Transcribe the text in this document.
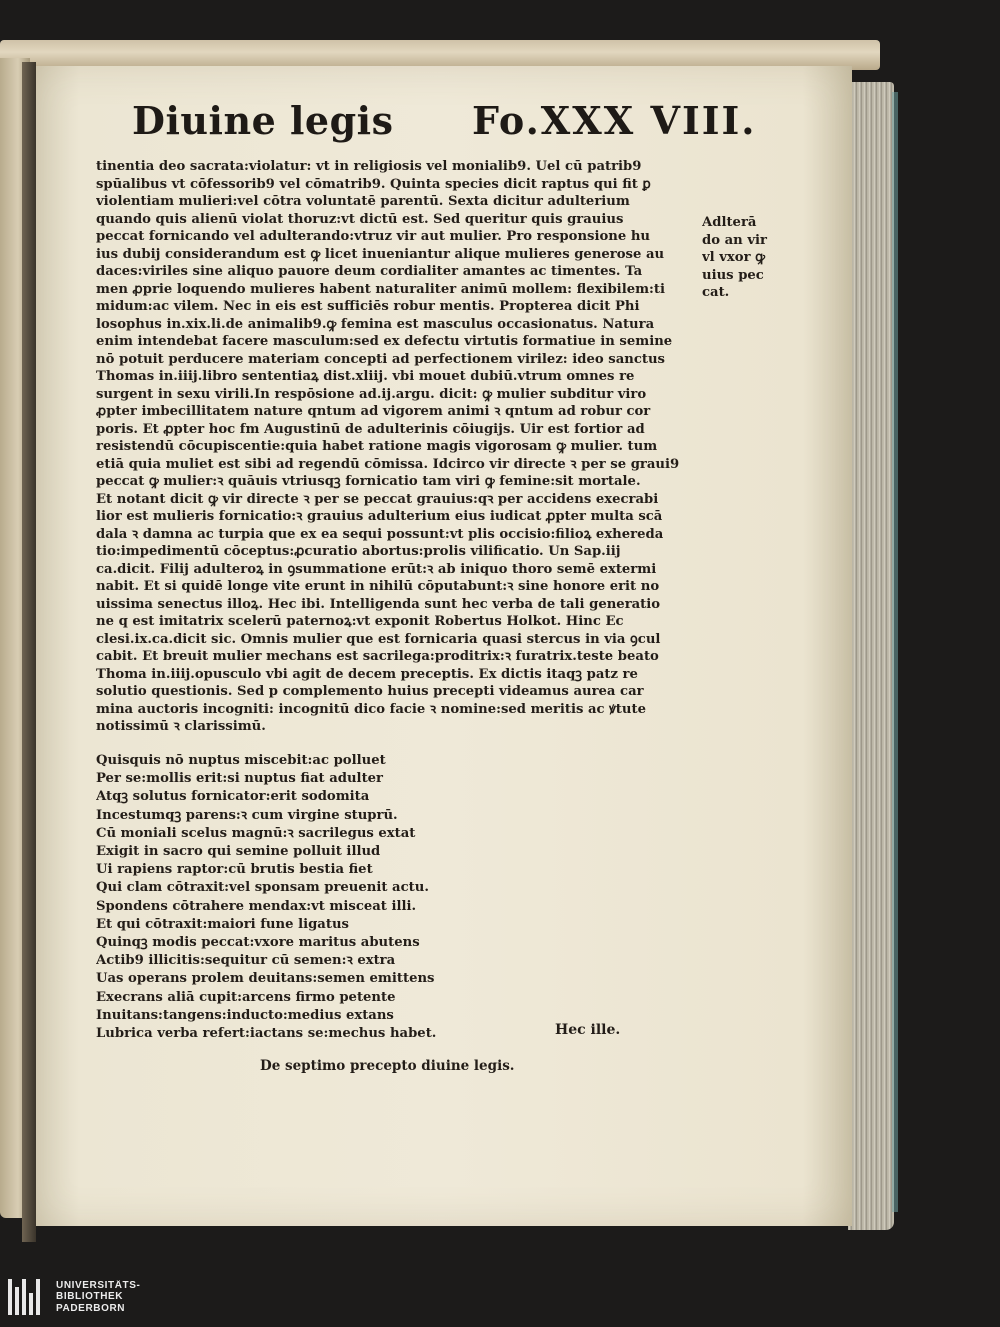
Diuine legis Fo.XXX VIII.
tinentia deo sacrata:violatur: vt in religiosis vel monialib9. Uel cū patrib9
spūalibus vt cōfessorib9 vel cōmatrib9. Quinta species dicit raptus qui fit ꝑ
violentiam mulieri:vel cōtra voluntatē parentū. Sexta dicitur adulterium
quando quis alienū violat thoruz:vt dictū est. Sed queritur quis grauius
peccat fornicando vel adulterando:vtruz vir aut mulier. Pro responsione hu
ius dubij considerandum est ꝙ licet inueniantur alique mulieres generose au
daces:viriles sine aliquo pauore deum cordialiter amantes ac timentes. Ta
men ꝓprie loquendo mulieres habent naturaliter animū mollem: flexibilem:ti
midum:ac vilem. Nec in eis est sufficiēs robur mentis. Propterea dicit Phi
losophus in.xix.li.de animalib9.ꝙ femina est masculus occasionatus. Natura
enim intendebat facere masculum:sed ex defectu virtutis formatiue in semine
nō potuit perducere materiam concepti ad perfectionem virilez: ideo sanctus
Thomas in.iiij.libro sententiaꝝ dist.xliij. vbi mouet dubiū.vtrum omnes re
surgent in sexu virili.In respōsione ad.ij.argu. dicit: ꝙ mulier subditur viro
ꝓpter imbecillitatem nature qntum ad vigorem animi ꝛ qntum ad robur cor
poris. Et ꝓpter hoc fm Augustinū de adulterinis cōiugijs. Uir est fortior ad
resistendū cōcupiscentie:quia habet ratione magis vigorosam ꝙ mulier. tum
etiā quia muliet est sibi ad regendū cōmissa. Idcirco vir directe ꝛ per se graui9
peccat ꝙ mulier:ꝛ quāuis vtriusqꝫ fornicatio tam viri ꝙ femine:sit mortale.
Et notant dicit ꝙ vir directe ꝛ per se peccat grauius:qꝛ per accidens execrabi
lior est mulieris fornicatio:ꝛ grauius adulterium eius iudicat ꝓpter multa scā
dala ꝛ damna ac turpia que ex ea sequi possunt:vt plis occisio:filioꝝ exhereda
tio:impedimentū cōceptus:ꝓcuratio abortus:prolis vilificatio. Un Sap.iij
ca.dicit. Filij adulteroꝝ in ꝯsummatione erūt:ꝛ ab iniquo thoro semē extermi
nabit. Et si quidē longe vite erunt in nihilū cōputabunt:ꝛ sine honore erit no
uissima senectus illoꝝ. Hec ibi. Intelligenda sunt hec verba de tali generatio
ne q est imitatrix scelerū paternoꝝ:vt exponit Robertus Holkot. Hinc Ec
clesi.ix.ca.dicit sic. Omnis mulier que est fornicaria quasi stercus in via ꝯcul
cabit. Et breuit mulier mechans est sacrilega:proditrix:ꝛ furatrix.teste beato
Thoma in.iiij.opusculo vbi agit de decem preceptis. Ex dictis itaqꝫ patz re
solutio questionis. Sed p complemento huius precepti videamus aurea car
mina auctoris incogniti: incognitū dico facie ꝛ nomine:sed meritis ac ꝟtute
notissimū ꝛ clarissimū.
Adlterā
do an vir
vl vxor ꝙ
uius pec
cat.
Quisquis nō nuptus miscebit:ac polluet
Per se:mollis erit:si nuptus fiat adulter
Atqꝫ solutus fornicator:erit sodomita
Incestumqꝫ parens:ꝛ cum virgine stuprū.
Cū moniali scelus magnū:ꝛ sacrilegus extat
Exigit in sacro qui semine polluit illud
Ui rapiens raptor:cū brutis bestia fiet
Qui clam cōtraxit:vel sponsam preuenit actu.
Spondens cōtrahere mendax:vt misceat illi.
Et qui cōtraxit:maiori fune ligatus
Quinqꝫ modis peccat:vxore maritus abutens
Actib9 illicitis:sequitur cū semen:ꝛ extra
Uas operans prolem deuitans:semen emittens
Execrans aliā cupit:arcens firmo petente
Inuitans:tangens:inducto:medius extans
Lubrica verba refert:iactans se:mechus habet.	Hec ille.
De septimo precepto diuine legis.
UNIVERSITÄTS-
BIBLIOTHEK
PADERBORN
